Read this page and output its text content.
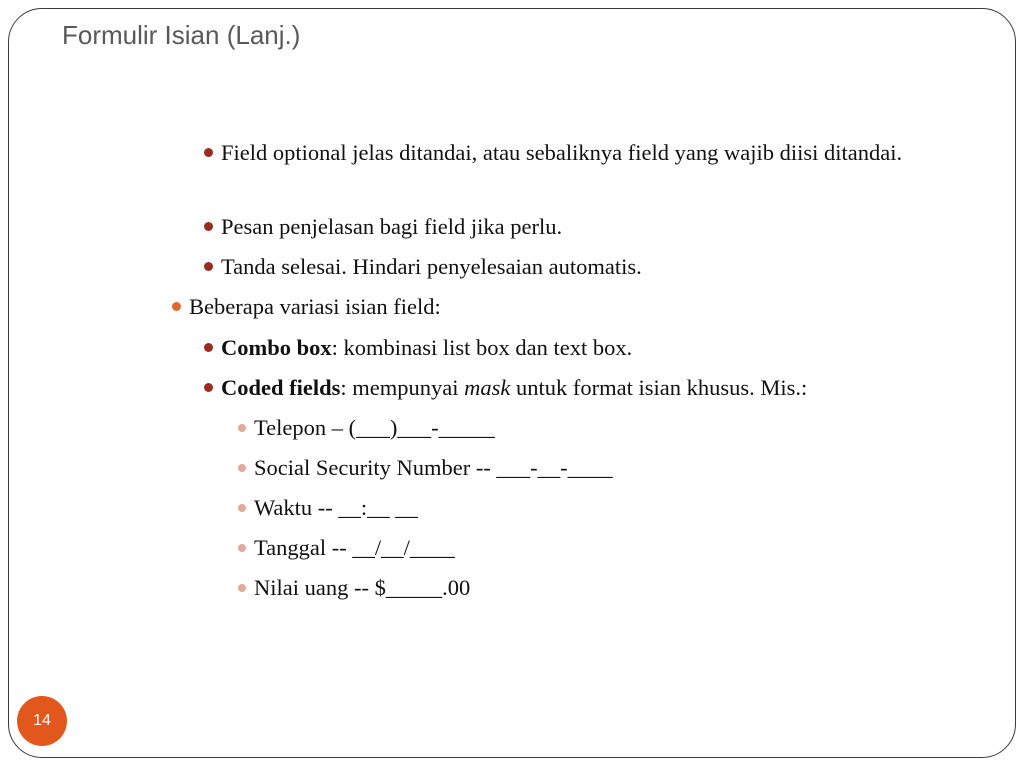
Formulir Isian (Lanj.)
Field optional jelas ditandai, atau sebaliknya field yang wajib diisi ditandai.
Pesan penjelasan bagi field jika perlu.
Tanda selesai. Hindari penyelesaian automatis.
Beberapa variasi isian field:
Combo box: kombinasi list box dan text box.
Coded fields: mempunyai mask untuk format isian khusus. Mis.:
Telepon – (___)___-_____
Social Security Number -- ___-__-____
Waktu -- __:__ __
Tanggal -- __/__/____
Nilai uang -- $_____.00
14
